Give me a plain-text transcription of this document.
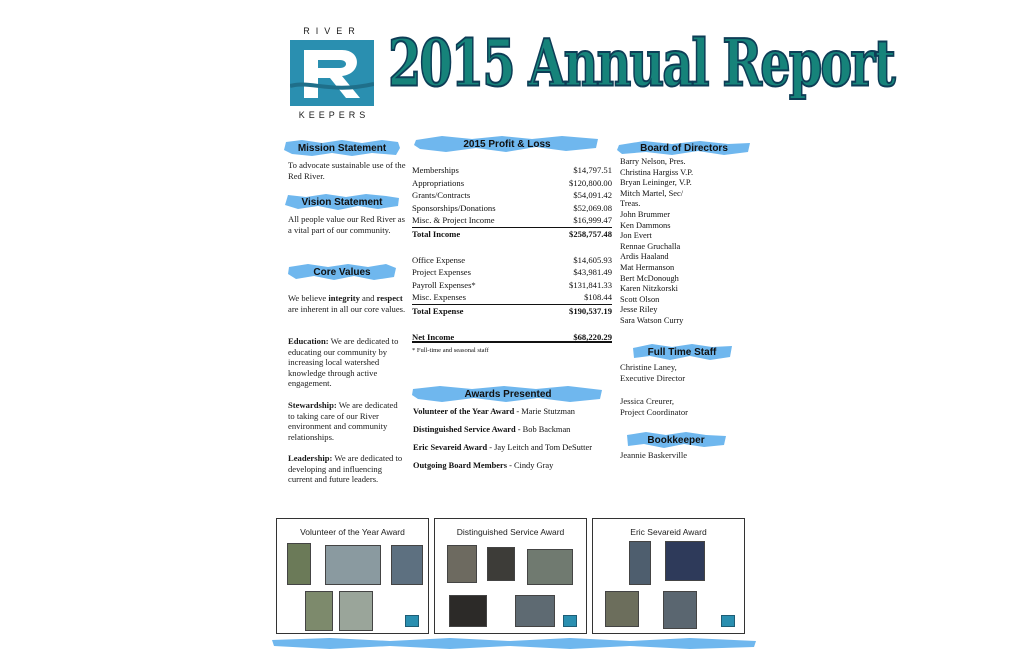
RIVER
KEEPERS
2015 Annual Report
Mission Statement
To advocate sustainable use of the Red River.
Vision Statement
All people value our Red River as a vital part of our community.
Core Values
We believe integrity and respect are inherent in all our core values.
Education: We are dedicated to educating our community by increasing local watershed knowledge through active engagement.
Stewardship: We are dedicated to taking care of our River environment and community relationships.
Leadership: We are dedicated to developing and influencing current and future leaders.
2015 Profit & Loss
Memberships	$14,797.51
Appropriations	$120,800.00
Grants/Contracts	$54,091.42
Sponsorships/Donations	$52,069.08
Misc. & Project Income	$16,999.47
Total Income	$258,757.48
Office Expense	$14,605.93
Project Expenses	$43,981.49
Payroll Expenses*	$131,841.33
Misc. Expenses	$108.44
Total Expense	$190,537.19
Net Income	$68,220.29
* Full-time and seasonal staff
Awards Presented

Volunteer of the Year Award - Marie Stutzman

Distinguished Service Award - Bob Backman

Eric Sevareid Award - Jay Leitch and Tom DeSutter

Outgoing Board Members - Cindy Gray

Board of Directors
Barry Nelson, Pres.
Christina Hargiss V.P.
Bryan Leininger, V.P.
Mitch Martel, Sec/
Treas.
John Brummer
Ken Dammons
Jon Evert
Rennae Gruchalla
Ardis Haaland
Mat Hermanson
Bert McDonough
Karen Nitzkorski
Scott Olson
Jesse Riley
Sara Watson Curry
Full Time Staff
Christine Laney,
Executive Director
Jessica Creurer,
Project Coordinator
Bookkeeper
Jeannie Baskerville
Volunteer of the Year Award	Distinguished Service Award	Eric Sevareid Award
